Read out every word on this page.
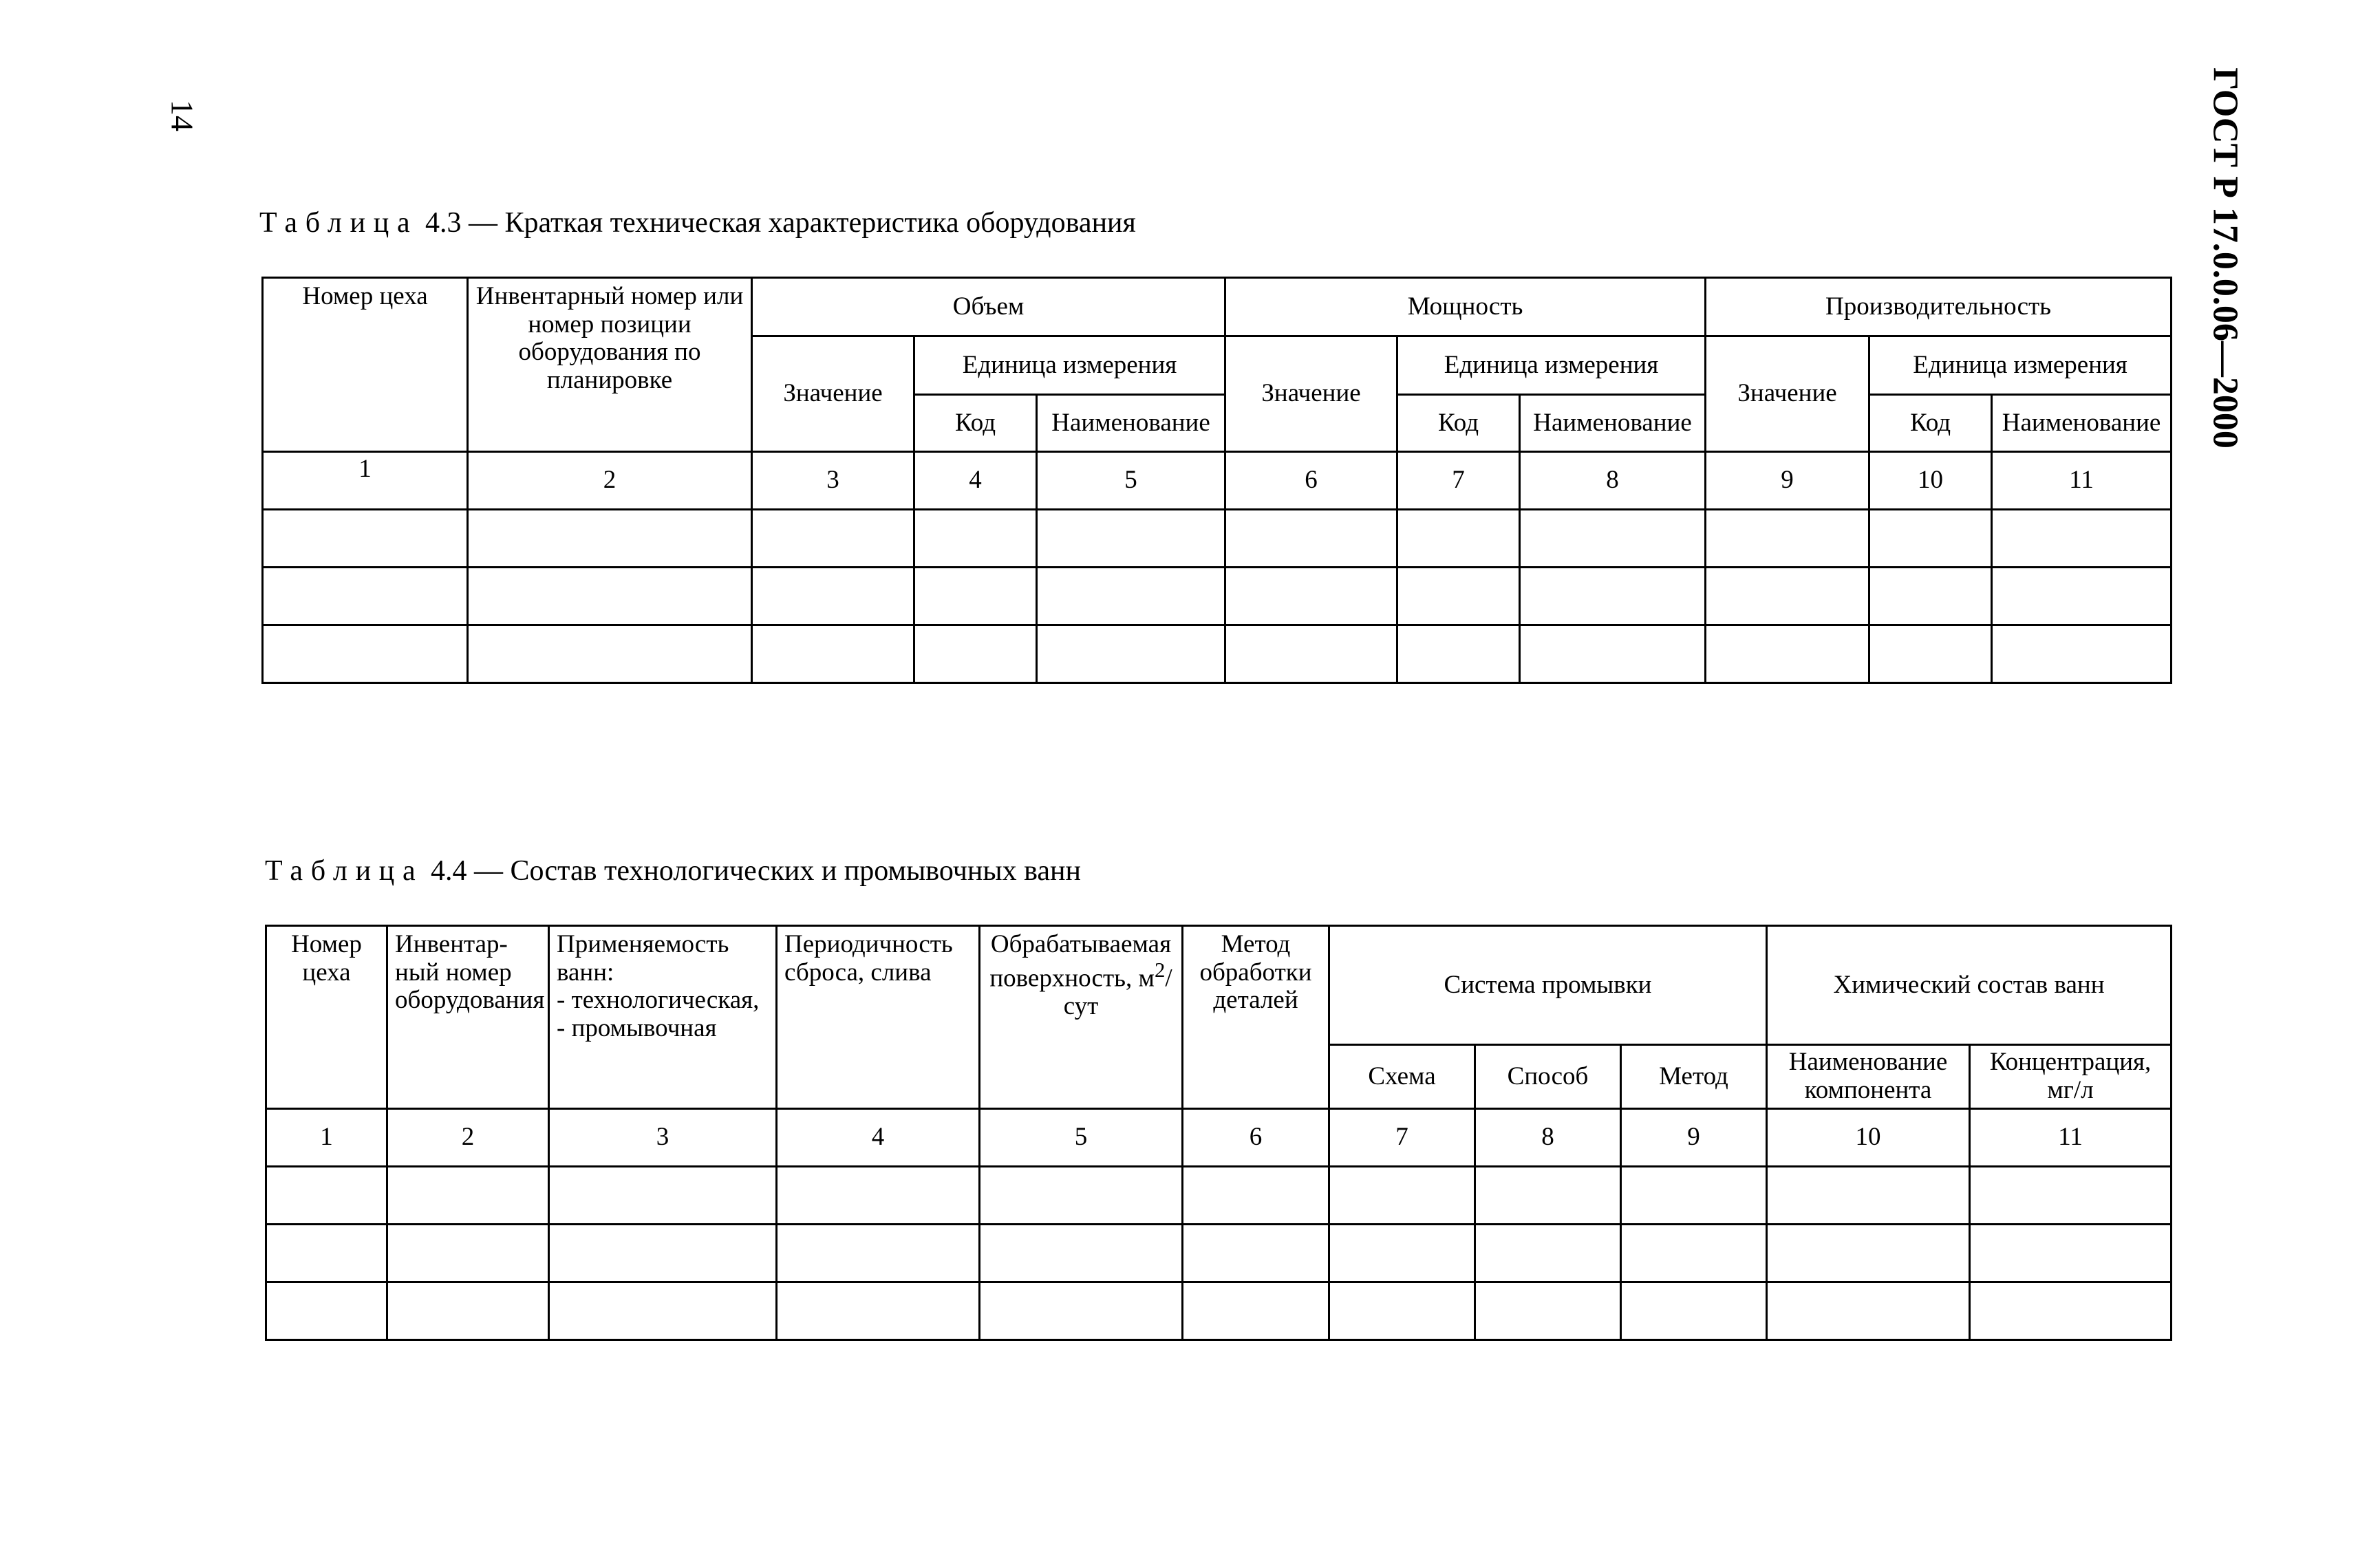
14	ГОСТ Р 17.0.0.06—2000
Таблица 4.3 — Краткая техническая характеристика оборудования
Номер цеха	Инвентарный номер или номер позиции оборудования по планировке	Объем			Мощность			Производительность		
		Значение	Единица измерения		Значение	Единица измерения		Значение	Единица измерения	
			Код	Наименование		Код	Наименование		Код	Наименование
1	2	3	4	5	6	7	8	9	10	11

Таблица 4.4 — Состав технологических и промывочных ванн
Номер цеха	Инвентар-ный номер оборудования	Применяемость ванн:
- технологическая,
- промывочная	Периодичность сброса, слива	Обрабатываемая поверхность, $м^2$/сут	Метод обработки деталей	Система промывки			Химический состав ванн	
						Схема	Способ	Метод	Наименование компонента	Концентрация, мг/л
1	2	3	4	5	6	7	8	9	10	11
